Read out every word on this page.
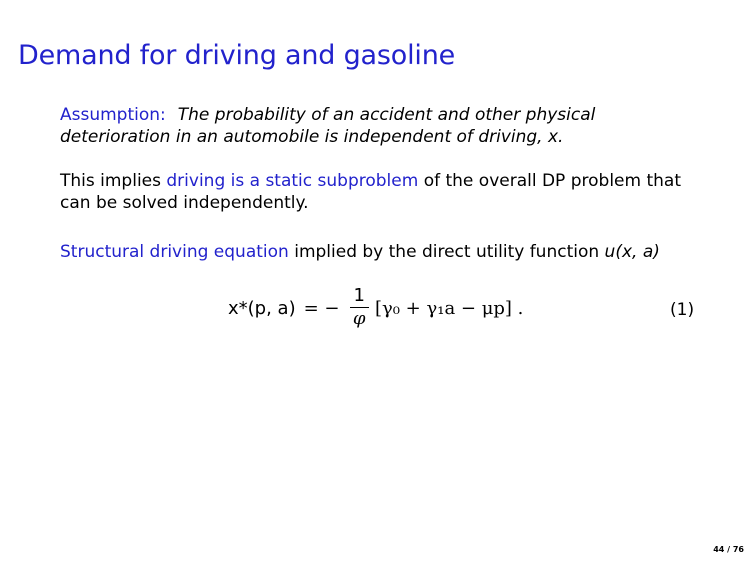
Demand for driving and gasoline
Assumption: The probability of an accident and other physical deterioration in an automobile is independent of driving, x.
This implies driving is a static subproblem of the overall DP problem that can be solved independently.
Structural driving equation implied by the direct utility function u(x, a)
x*(p, a) = − $\frac{1}{\varphi} [\gamma_0 + \gamma_1a - \mu p]$ .	(1)
44 / 76
